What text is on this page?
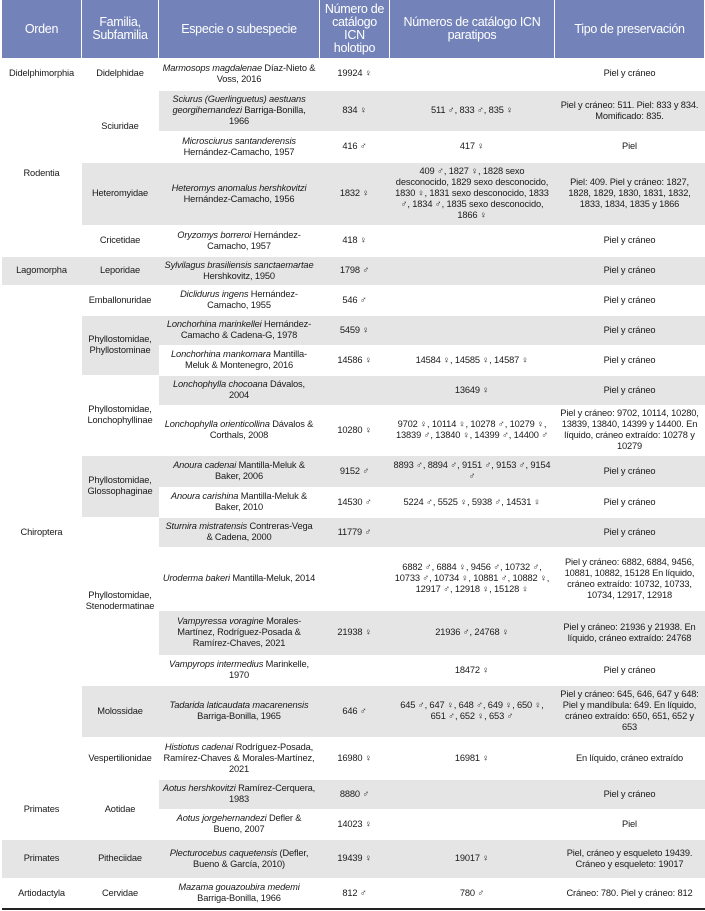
Orden	Familia, Subfamilia	Especie o subespecie	Número de catálogo ICN holotipo	Números de catálogo ICN paratipos	Tipo de preservación
Didelphimorphia	Didelphidae	Marmosops magdalenae Díaz-Nieto & Voss, 2016	19924 ♀		Piel y cráneo
Rodentia	Sciuridae	Sciurus (Guerlinguetus) aestuans georgihernandezi Barriga-Bonilla, 1966	834 ♀	511 ♂, 833 ♂, 835 ♀	Piel y cráneo: 511. Piel: 833 y 834. Momificado: 835.
		Microsciurus santanderensis Hernández-Camacho, 1957	416 ♂	417 ♀	Piel
	Heteromyidae	Heteromys anomalus hershkovitzi Hernández-Camacho, 1956	1832 ♀	409 ♂, 1827 ♀, 1828 sexo desconocido, 1829 sexo desconocido, 1830 ♀, 1831 sexo desconocido, 1833 ♂, 1834 ♂, 1835 sexo desconocido, 1866 ♀	Piel: 409. Piel y cráneo: 1827, 1828, 1829, 1830, 1831, 1832, 1833, 1834, 1835 y 1866
	Cricetidae	Oryzomys borreroi Hernández-Camacho, 1957	418 ♀		Piel y cráneo
Lagomorpha	Leporidae	Sylvilagus brasiliensis sanctaemartae Hershkovitz, 1950	1798 ♂		Piel y cráneo
Chiroptera	Emballonuridae	Diclidurus ingens Hernández-Camacho, 1955	546 ♂		Piel y cráneo
	Phyllostomidae, Phyllostominae	Lonchorhina marinkellei Hernández-Camacho & Cadena-G, 1978	5459 ♀		Piel y cráneo
		Lonchorhina mankomara Mantilla-Meluk & Montenegro, 2016	14586 ♀	14584 ♀, 14585 ♀, 14587 ♀	Piel y cráneo
	Phyllostomidae, Lonchophyllinae	Lonchophylla chocoana Dávalos, 2004		13649 ♀	Piel y cráneo
		Lonchophylla orienticollina Dávalos & Corthals, 2008	10280 ♀	9702 ♀, 10114 ♀, 10278 ♂, 10279 ♀, 13839 ♂, 13840 ♀, 14399 ♂, 14400 ♂	Piel y cráneo: 9702, 10114, 10280, 13839, 13840, 14399 y 14400. En líquido, cráneo extraído: 10278 y 10279
	Phyllostomidae, Glossophaginae	Anoura cadenai Mantilla-Meluk & Baker, 2006	9152 ♂	8893 ♂, 8894 ♂, 9151 ♂, 9153 ♂, 9154 ♂	Piel y cráneo
		Anoura carishina Mantilla-Meluk & Baker, 2010	14530 ♂	5224 ♂, 5525 ♀, 5938 ♂, 14531 ♀	Piel y cráneo
	Phyllostomidae, Stenodermatinae	Sturnira mistratensis Contreras-Vega & Cadena, 2000	11779 ♂		Piel y cráneo
		Uroderma bakeri Mantilla-Meluk, 2014		6882 ♂, 6884 ♀, 9456 ♂, 10732 ♂, 10733 ♂, 10734 ♀, 10881 ♂, 10882 ♀, 12917 ♂, 12918 ♀, 15128 ♀	Piel y cráneo: 6882, 6884, 9456, 10881, 10882, 15128 En líquido, cráneo extraído: 10732, 10733, 10734, 12917, 12918
		Vampyressa voragine Morales-Martínez, Rodríguez-Posada & Ramírez-Chaves, 2021	21938 ♀	21936 ♂, 24768 ♀	Piel y cráneo: 21936 y 21938. En líquido, cráneo extraído: 24768
		Vampyrops intermedius Marinkelle, 1970		18472 ♀	Piel y cráneo
	Molossidae	Tadarida laticaudata macarenensis Barriga-Bonilla, 1965	646 ♂	645 ♂, 647 ♀, 648 ♂, 649 ♀, 650 ♀, 651 ♂, 652 ♀, 653 ♂	Piel y cráneo: 645, 646, 647 y 648: Piel y mandíbula: 649. En líquido, cráneo extraído: 650, 651, 652 y 653
	Vespertilionidae	Histiotus cadenai Rodríguez-Posada, Ramírez-Chaves & Morales-Martínez, 2021	16980 ♀	16981 ♀	En líquido, cráneo extraído
Primates	Aotidae	Aotus hershkovitzi Ramírez-Cerquera, 1983	8880 ♂		Piel y cráneo
		Aotus jorgehernandezi Defler & Bueno, 2007	14023 ♀		Piel
Primates	Pitheciidae	Plecturocebus caquetensis (Defler, Bueno & García, 2010)	19439 ♀	19017 ♀	Piel, cráneo y esqueleto 19439. Cráneo y esqueleto: 19017
Artiodactyla	Cervidae	Mazama gouazoubira medemi Barriga-Bonilla, 1966	812 ♂	780 ♂	Cráneo: 780. Piel y cráneo: 812
